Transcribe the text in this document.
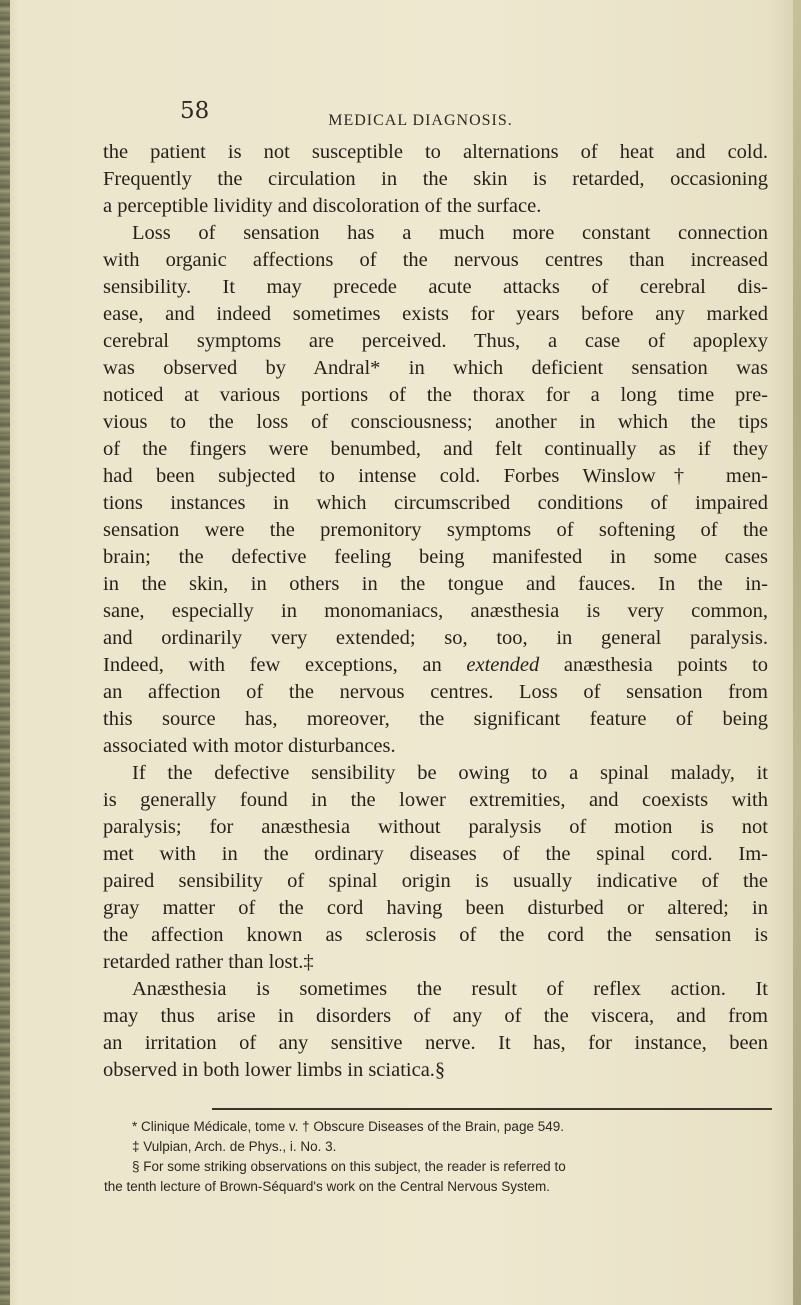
58	MEDICAL DIAGNOSIS.
the patient is not susceptible to alternations of heat and cold.
Frequently the circulation in the skin is retarded, occasioning
a perceptible lividity and discoloration of the surface.
Loss of sensation has a much more constant connection
with organic affections of the nervous centres than increased
sensibility. It may precede acute attacks of cerebral dis-
ease, and indeed sometimes exists for years before any marked
cerebral symptoms are perceived. Thus, a case of apoplexy
was observed by Andral* in which deficient sensation was
noticed at various portions of the thorax for a long time pre-
vious to the loss of consciousness; another in which the tips
of the fingers were benumbed, and felt continually as if they
had been subjected to intense cold. Forbes Winslow† men-
tions instances in which circumscribed conditions of impaired
sensation were the premonitory symptoms of softening of the
brain; the defective feeling being manifested in some cases
in the skin, in others in the tongue and fauces. In the in-
sane, especially in monomaniacs, anæsthesia is very common,
and ordinarily very extended; so, too, in general paralysis.
Indeed, with few exceptions, an extended anæsthesia points to
an affection of the nervous centres. Loss of sensation from
this source has, moreover, the significant feature of being
associated with motor disturbances.
If the defective sensibility be owing to a spinal malady, it
is generally found in the lower extremities, and coexists with
paralysis; for anæsthesia without paralysis of motion is not
met with in the ordinary diseases of the spinal cord. Im-
paired sensibility of spinal origin is usually indicative of the
gray matter of the cord having been disturbed or altered; in
the affection known as sclerosis of the cord the sensation is
retarded rather than lost.‡
Anæsthesia is sometimes the result of reflex action. It
may thus arise in disorders of any of the viscera, and from
an irritation of any sensitive nerve. It has, for instance, been
observed in both lower limbs in sciatica.§
* Clinique Médicale, tome v. † Obscure Diseases of the Brain, page 549.
‡ Vulpian, Arch. de Phys., i. No. 3.
§ For some striking observations on this subject, the reader is referred to
the tenth lecture of Brown-Séquard's work on the Central Nervous System.
